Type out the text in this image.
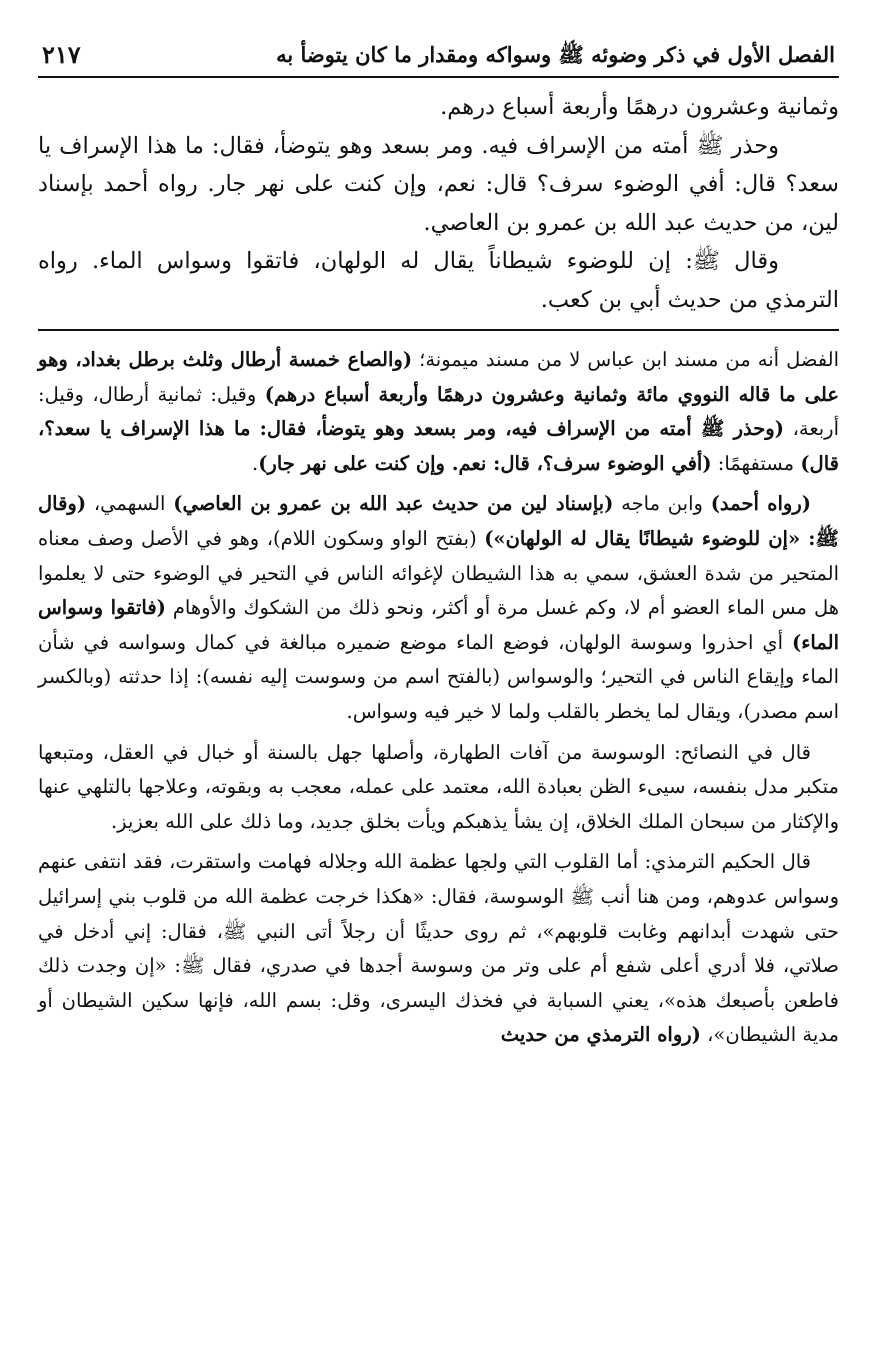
الفصل الأول في ذكر وضوئه ﷺ وسواكه ومقدار ما كان يتوضأ به
٢١٧

وثمانية وعشرون درهمًا وأربعة أسباع درهم.

وحذر ﷺ أمته من الإسراف فيه. ومر بسعد وهو يتوضأ، فقال: ما هذا الإسراف يا سعد؟ قال: أفي الوضوء سرف؟ قال: نعم، وإن كنت على نهر جار. رواه أحمد بإسناد لين، من حديث عبد الله بن عمرو بن العاصي.

وقال ﷺ: إن للوضوء شيطاناً يقال له الولهان، فاتقوا وسواس الماء. رواه الترمذي من حديث أبي بن كعب.

الفضل أنه من مسند ابن عباس لا من مسند ميمونة؛ (والصاع خمسة أرطال وثلث برطل بغداد، وهو على ما قاله النووي مائة وثمانية وعشرون درهمًا وأربعة أسباع درهم) وقيل: ثمانية أرطال، وقيل: أربعة، (وحذر ﷺ أمته من الإسراف فيه، ومر بسعد وهو يتوضأ، فقال: ما هذا الإسراف يا سعد؟، قال) مستفهمًا: (أفي الوضوء سرف؟، قال: نعم. وإن كنت على نهر جار).

(رواه أحمد) وابن ماجه (بإسناد لين من حديث عبد الله بن عمرو بن العاصي) السهمي، (وقال ﷺ: «إن للوضوء شيطانًا يقال له الولهان») (بفتح الواو وسكون اللام)، وهو في الأصل وصف معناه المتحير من شدة العشق، سمي به هذا الشيطان لإغوائه الناس في التحير في الوضوء حتى لا يعلموا هل مس الماء العضو أم لا، وكم غسل مرة أو أكثر، ونحو ذلك من الشكوك والأوهام (فاتقوا وسواس الماء) أي احذروا وسوسة الولهان، فوضع الماء موضع ضميره مبالغة في كمال وسواسه في شأن الماء وإيقاع الناس في التحير؛ والوسواس (بالفتح اسم من وسوست إليه نفسه): إذا حدثته (وبالكسر اسم مصدر)، ويقال لما يخطر بالقلب ولما لا خير فيه وسواس.

قال في النصائح: الوسوسة من آفات الطهارة، وأصلها جهل بالسنة أو خبال في العقل، ومتبعها متكبر مدل بنفسه، سيىء الظن بعبادة الله، معتمد على عمله، معجب به وبقوته، وعلاجها بالتلهي عنها والإكثار من سبحان الملك الخلاق، إن يشأ يذهبكم ويأت بخلق جديد، وما ذلك على الله بعزيز.

قال الحكيم الترمذي: أما القلوب التي ولجها عظمة الله وجلاله فهامت واستقرت، فقد انتفى عنهم وسواس عدوهم، ومن هنا أنب ﷺ الوسوسة، فقال: «هكذا خرجت عظمة الله من قلوب بني إسرائيل حتى شهدت أبدانهم وغابت قلوبهم»، ثم روى حديثًا أن رجلاً أتى النبي ﷺ، فقال: إني أدخل في صلاتي، فلا أدري أعلى شفع أم على وتر من وسوسة أجدها في صدري، فقال ﷺ: «إن وجدت ذلك فاطعن بأصبعك هذه»، يعني السبابة في فخذك اليسرى، وقل: بسم الله، فإنها سكين الشيطان أو مدية الشيطان»، (رواه الترمذي من حديث
